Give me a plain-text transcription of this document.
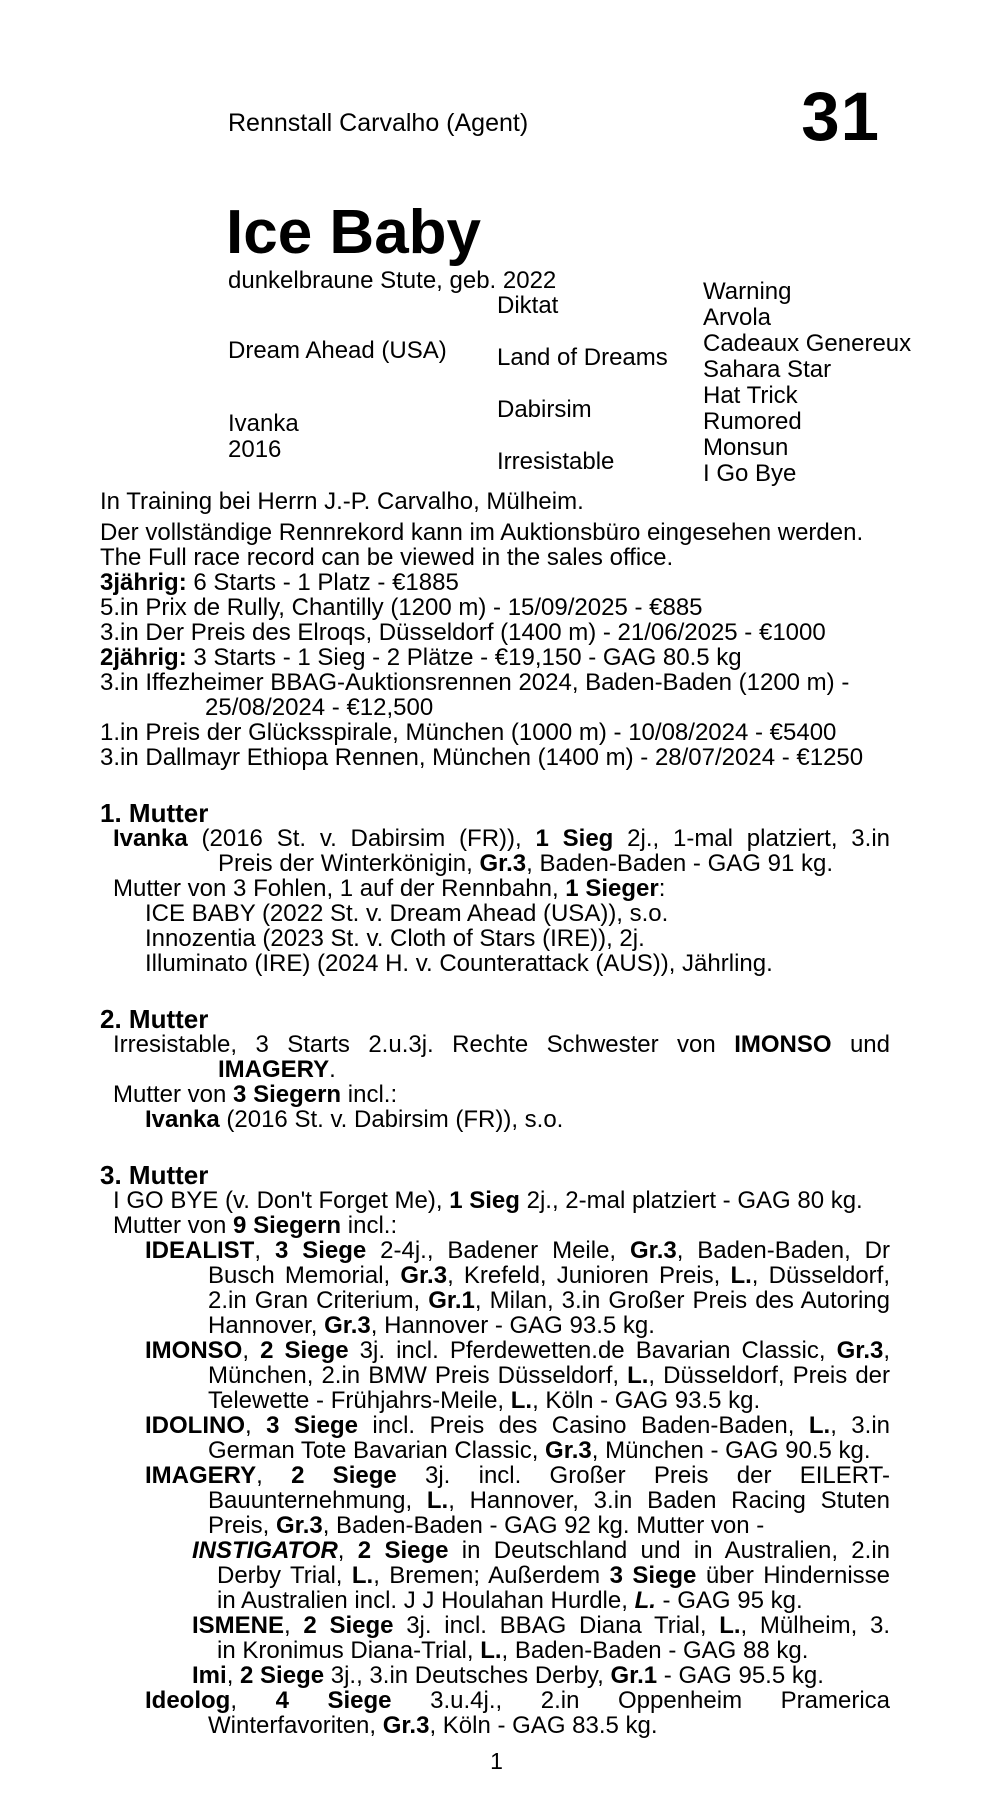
Rennstall Carvalho (Agent)	31
Ice Baby
dunkelbraune Stute, geb. 2022
Dream Ahead (USA)
Ivanka
2016
Diktat
Land of Dreams
Dabirsim
Irresistable
Warning
Arvola
Cadeaux Genereux
Sahara Star
Hat Trick
Rumored
Monsun
I Go Bye
In Training bei Herrn J.-P. Carvalho, Mülheim.
Der vollständige Rennrekord kann im Auktionsbüro eingesehen werden.
The Full race record can be viewed in the sales office.
3jährig: 6 Starts - 1 Platz - €1885
5.in Prix de Rully, Chantilly (1200 m) - 15/09/2025 - €885
3.in Der Preis des Elroqs, Düsseldorf (1400 m) - 21/06/2025 - €1000
2jährig: 3 Starts - 1 Sieg - 2 Plätze - €19,150 - GAG 80.5 kg
3.in Iffezheimer BBAG-Auktionsrennen 2024, Baden-Baden (1200 m) -
25/08/2024 - €12,500
1.in Preis der Glücksspirale, München (1000 m) - 10/08/2024 - €5400
3.in Dallmayr Ethiopa Rennen, München (1400 m) - 28/07/2024 - €1250
1. Mutter
Ivanka (2016 St. v. Dabirsim (FR)), 1 Sieg 2j., 1-mal platziert, 3.in
Preis der Winterkönigin, Gr.3, Baden-Baden - GAG 91 kg.
Mutter von 3 Fohlen, 1 auf der Rennbahn, 1 Sieger:
ICE BABY (2022 St. v. Dream Ahead (USA)), s.o.
Innozentia (2023 St. v. Cloth of Stars (IRE)), 2j.
Illuminato (IRE) (2024 H. v. Counterattack (AUS)), Jährling.
2. Mutter
Irresistable, 3 Starts 2.u.3j. Rechte Schwester von IMONSO und
IMAGERY.
Mutter von 3 Siegern incl.:
Ivanka (2016 St. v. Dabirsim (FR)), s.o.
3. Mutter
I GO BYE (v. Don't Forget Me), 1 Sieg 2j., 2-mal platziert - GAG 80 kg.
Mutter von 9 Siegern incl.:
IDEALIST, 3 Siege 2-4j., Badener Meile, Gr.3, Baden-Baden, Dr
Busch Memorial, Gr.3, Krefeld, Junioren Preis, L., Düsseldorf,
2.in Gran Criterium, Gr.1, Milan, 3.in Großer Preis des Autoring
Hannover, Gr.3, Hannover - GAG 93.5 kg.
IMONSO, 2 Siege 3j. incl. Pferdewetten.de Bavarian Classic, Gr.3,
München, 2.in BMW Preis Düsseldorf, L., Düsseldorf, Preis der
Telewette - Frühjahrs-Meile, L., Köln - GAG 93.5 kg.
IDOLINO, 3 Siege incl. Preis des Casino Baden-Baden, L., 3.in
German Tote Bavarian Classic, Gr.3, München - GAG 90.5 kg.
IMAGERY, 2 Siege 3j. incl. Großer Preis der EILERT-
Bauunternehmung, L., Hannover, 3.in Baden Racing Stuten
Preis, Gr.3, Baden-Baden - GAG 92 kg. Mutter von -
INSTIGATOR, 2 Siege in Deutschland und in Australien, 2.in
Derby Trial, L., Bremen; Außerdem 3 Siege über Hindernisse
in Australien incl. J J Houlahan Hurdle, L. - GAG 95 kg.
ISMENE, 2 Siege 3j. incl. BBAG Diana Trial, L., Mülheim, 3.
in Kronimus Diana-Trial, L., Baden-Baden - GAG 88 kg.
Imi, 2 Siege 3j., 3.in Deutsches Derby, Gr.1 - GAG 95.5 kg.
Ideolog, 4 Siege 3.u.4j., 2.in Oppenheim Pramerica
Winterfavoriten, Gr.3, Köln - GAG 83.5 kg.
1
